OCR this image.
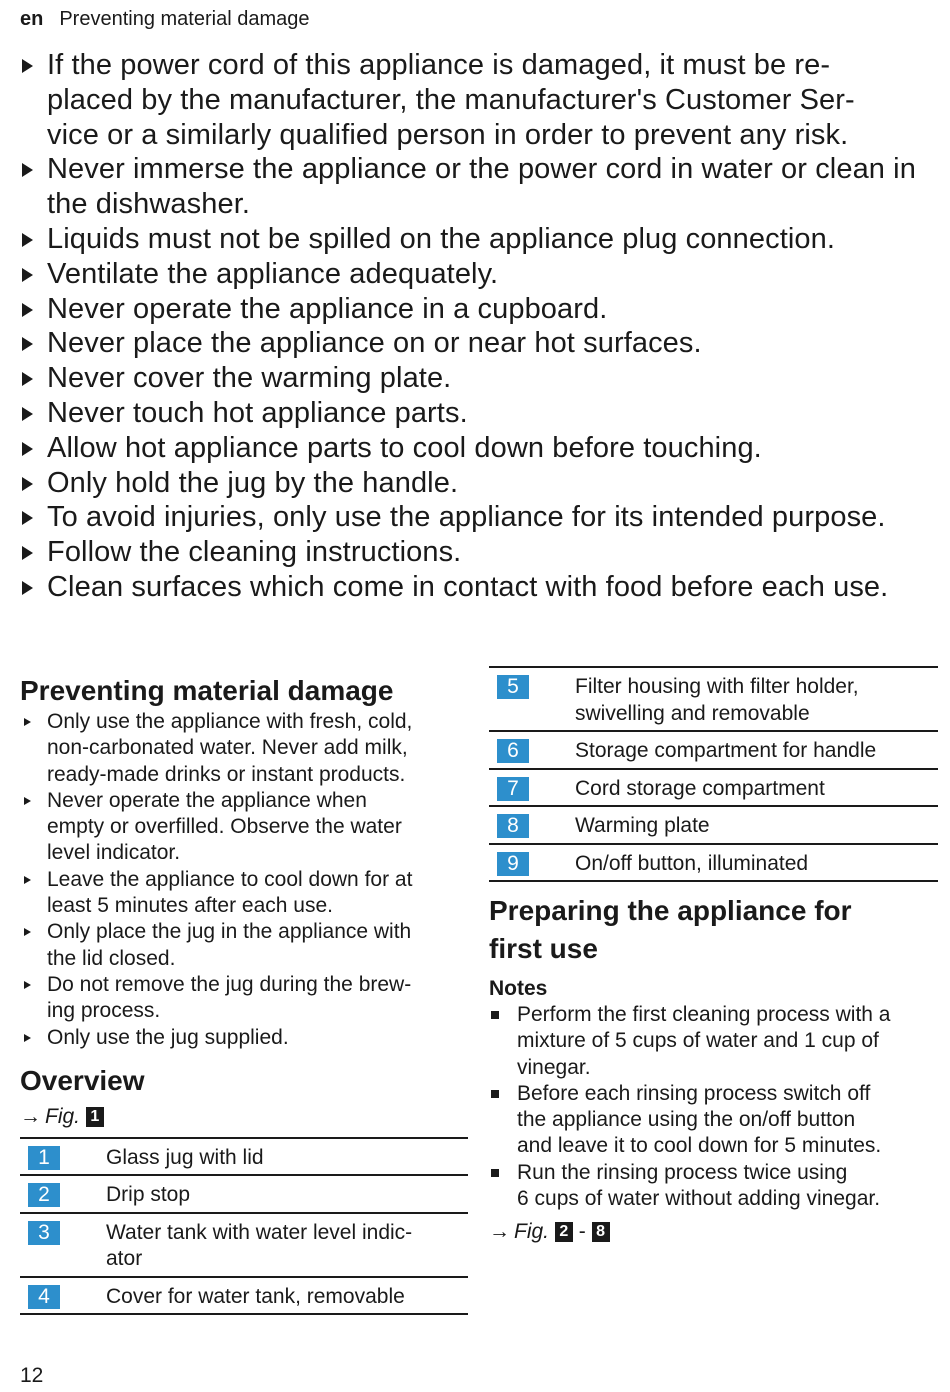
en Preventing material damage
If the power cord of this appliance is damaged, it must be re-
placed by the manufacturer, the manufacturer's Customer Ser-
vice or a similarly qualified person in order to prevent any risk.
Never immerse the appliance or the power cord in water or clean in the dishwasher.
Liquids must not be spilled on the appliance plug connection.
Ventilate the appliance adequately.
Never operate the appliance in a cupboard.
Never place the appliance on or near hot surfaces.
Never cover the warming plate.
Never touch hot appliance parts.
Allow hot appliance parts to cool down before touching.
Only hold the jug by the handle.
To avoid injuries, only use the appliance for its intended purpose.
Follow the cleaning instructions.
Clean surfaces which come in contact with food before each use.
Preventing material damage
Only use the appliance with fresh, cold,
non-carbonated water. Never add milk,
ready-made drinks or instant products.
Never operate the appliance when
empty or overfilled. Observe the water
level indicator.
Leave the appliance to cool down for at
least 5 minutes after each use.
Only place the jug in the appliance with
the lid closed.
Do not remove the jug during the brew-
ing process.
Only use the jug supplied.
Overview
→ Fig. 1
1	Glass jug with lid
2	Drip stop
3	Water tank with water level indic-
ator
4	Cover for water tank, removable
5	Filter housing with filter holder,
swivelling and removable
6	Storage compartment for handle
7	Cord storage compartment
8	Warming plate
9	On/off button, illuminated
Preparing the appliance for
first use
Notes
Perform the first cleaning process with a
mixture of 5 cups of water and 1 cup of
vinegar.
Before each rinsing process switch off
the appliance using the on/off button
and leave it to cool down for 5 minutes.
Run the rinsing process twice using
6 cups of water without adding vinegar.
→ Fig. 2 - 8
12
